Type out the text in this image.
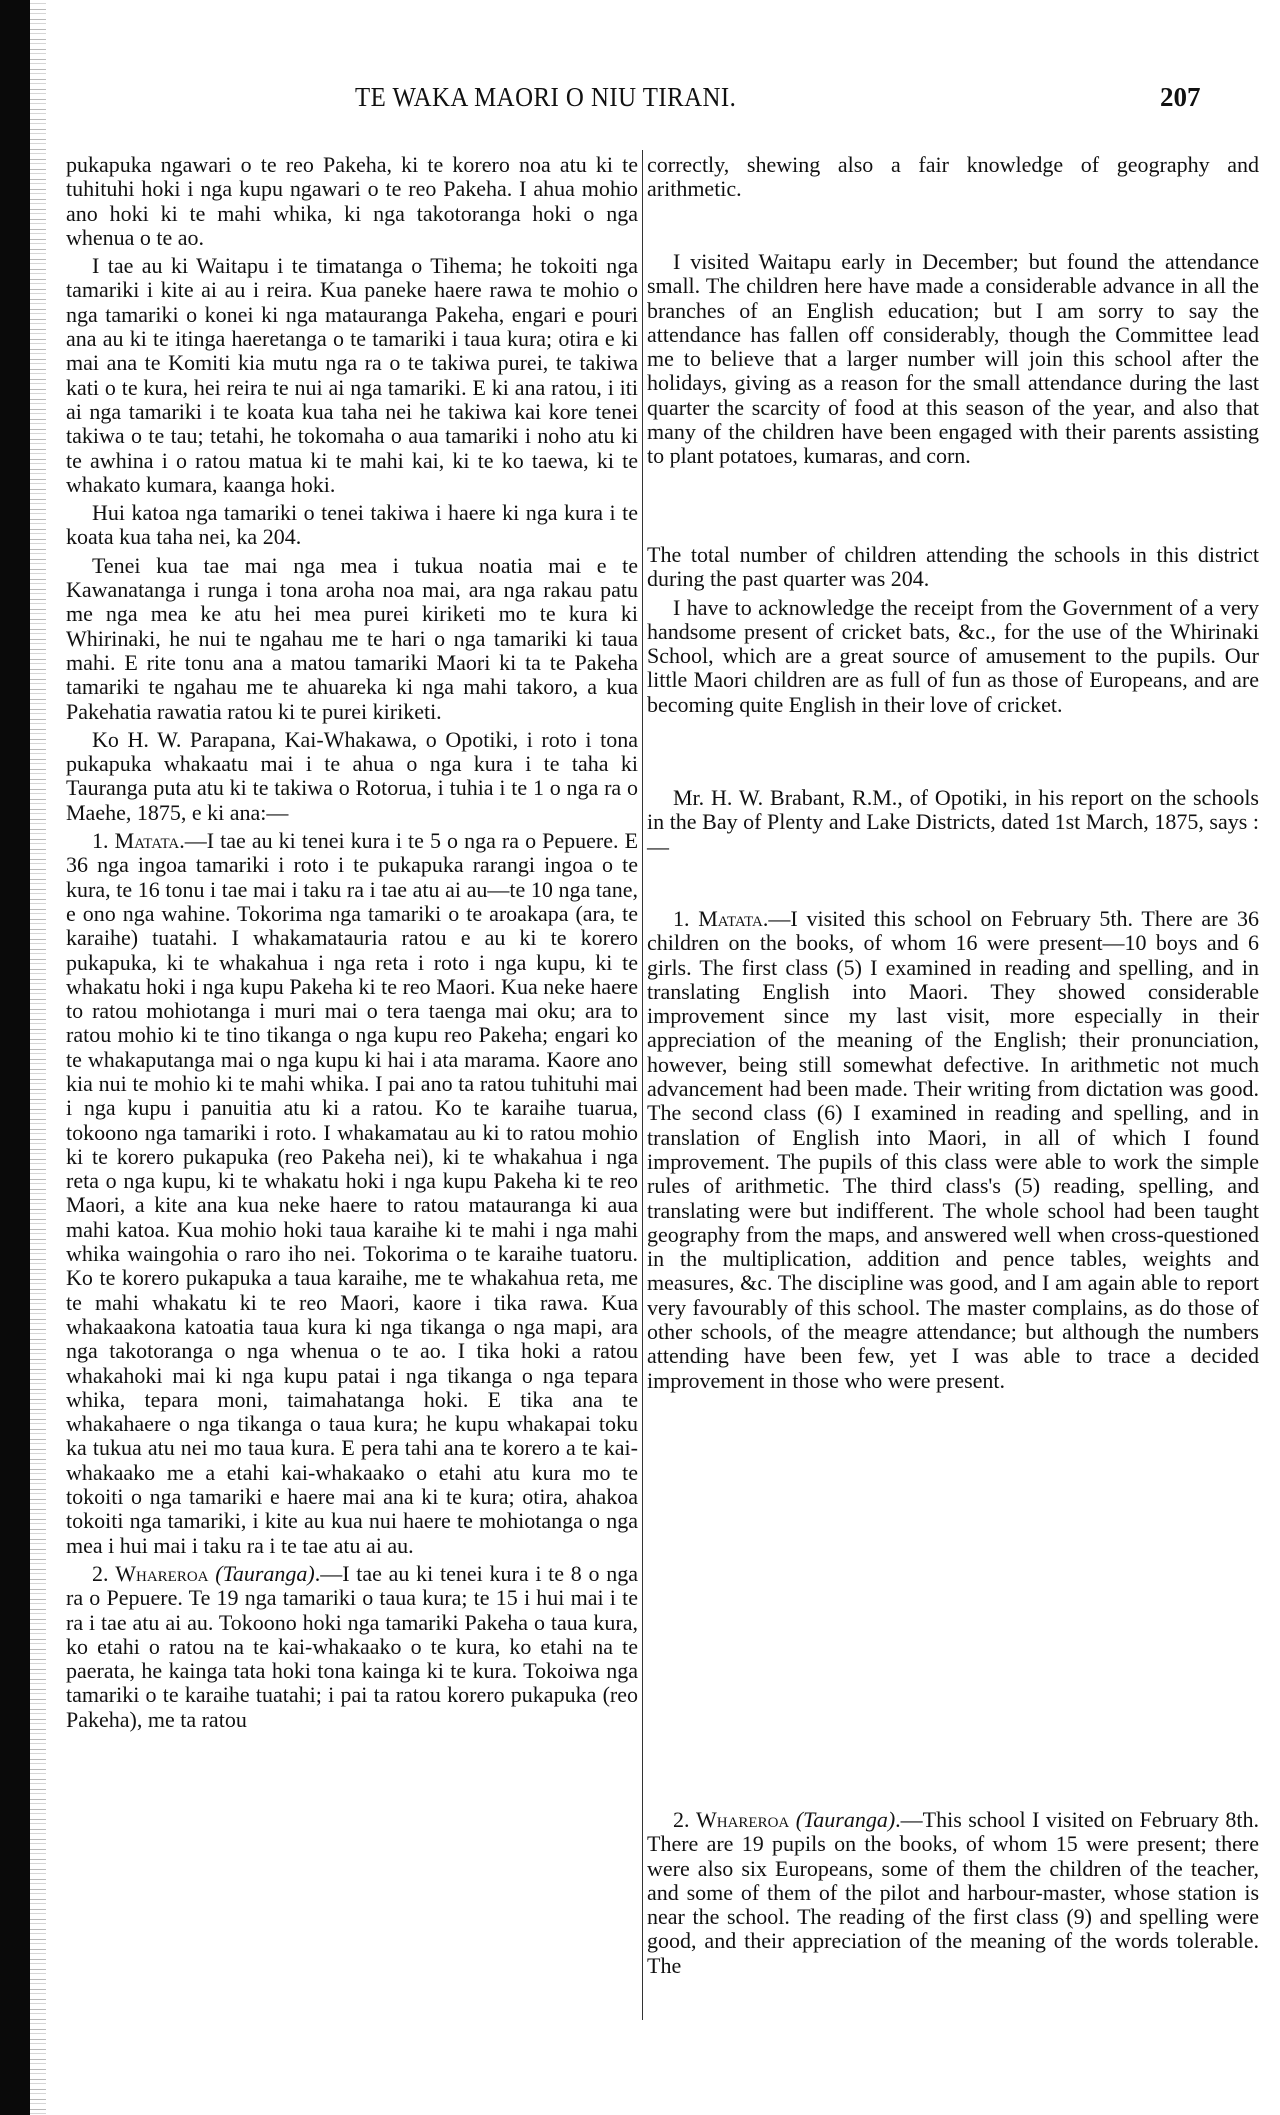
TE WAKA MAORI O NIU TIRANI.	207

pukapuka ngawari o te reo Pakeha, ki te korero noa atu ki te tuhituhi hoki i nga kupu ngawari o te reo Pakeha. I ahua mohio ano hoki ki te mahi whika, ki nga takotoranga hoki o nga whenua o te ao.

I tae au ki Waitapu i te timatanga o Tihema; he tokoiti nga tamariki i kite ai au i reira. Kua paneke haere rawa te mohio o nga tamariki o konei ki nga matauranga Pakeha, engari e pouri ana au ki te itinga haeretanga o te tamariki i taua kura; otira e ki mai ana te Komiti kia mutu nga ra o te takiwa purei, te takiwa kati o te kura, hei reira te nui ai nga tamariki. E ki ana ratou, i iti ai nga tamariki i te koata kua taha nei he takiwa kai kore tenei takiwa o te tau; tetahi, he tokomaha o aua tamariki i noho atu ki te awhina i o ratou matua ki te mahi kai, ki te ko taewa, ki te whakato kumara, kaanga hoki.

Hui katoa nga tamariki o tenei takiwa i haere ki nga kura i te koata kua taha nei, ka 204.

Tenei kua tae mai nga mea i tukua noatia mai e te Kawanatanga i runga i tona aroha noa mai, ara nga rakau patu me nga mea ke atu hei mea purei kiriketi mo te kura ki Whirinaki, he nui te ngahau me te hari o nga tamariki ki taua mahi. E rite tonu ana a matou tamariki Maori ki ta te Pakeha tamariki te ngahau me te ahuareka ki nga mahi takoro, a kua Pakehatia rawatia ratou ki te purei kiriketi.

Ko H. W. Parapana, Kai-Whakawa, o Opotiki, i roto i tona pukapuka whakaatu mai i te ahua o nga kura i te taha ki Tauranga puta atu ki te takiwa o Rotorua, i tuhia i te 1 o nga ra o Maehe, 1875, e ki ana:—

1. Matata.—I tae au ki tenei kura i te 5 o nga ra o Pepuere. E 36 nga ingoa tamariki i roto i te pukapuka rarangi ingoa o te kura, te 16 tonu i tae mai i taku ra i tae atu ai au—te 10 nga tane, e ono nga wahine. Tokorima nga tamariki o te aroakapa (ara, te karaihe) tuatahi. I whakamatauria ratou e au ki te korero pukapuka, ki te whakahua i nga reta i roto i nga kupu, ki te whakatu hoki i nga kupu Pakeha ki te reo Maori. Kua neke haere to ratou mohiotanga i muri mai o tera taenga mai oku; ara to ratou mohio ki te tino tikanga o nga kupu reo Pakeha; engari ko te whakaputanga mai o nga kupu ki hai i ata marama. Kaore ano kia nui te mohio ki te mahi whika. I pai ano ta ratou tuhituhi mai i nga kupu i panuitia atu ki a ratou. Ko te karaihe tuarua, tokoono nga tamariki i roto. I whakamatau au ki to ratou mohio ki te korero pukapuka (reo Pakeha nei), ki te whakahua i nga reta o nga kupu, ki te whakatu hoki i nga kupu Pakeha ki te reo Maori, a kite ana kua neke haere to ratou matauranga ki aua mahi katoa. Kua mohio hoki taua karaihe ki te mahi i nga mahi whika waingohia o raro iho nei. Tokorima o te karaihe tuatoru. Ko te korero pukapuka a taua karaihe, me te whakahua reta, me te mahi whakatu ki te reo Maori, kaore i tika rawa. Kua whakaakona katoatia taua kura ki nga tikanga o nga mapi, ara nga takotoranga o nga whenua o te ao. I tika hoki a ratou whakahoki mai ki nga kupu patai i nga tikanga o nga tepara whika, tepara moni, taimahatanga hoki. E tika ana te whakahaere o nga tikanga o taua kura; he kupu whakapai toku ka tukua atu nei mo taua kura. E pera tahi ana te korero a te kai-whakaako me a etahi kai-whakaako o etahi atu kura mo te tokoiti o nga tamariki e haere mai ana ki te kura; otira, ahakoa tokoiti nga tamariki, i kite au kua nui haere te mohiotanga o nga mea i hui mai i taku ra i te tae atu ai au.

2. Whareroa (Tauranga).—I tae au ki tenei kura i te 8 o nga ra o Pepuere. Te 19 nga tamariki o taua kura; te 15 i hui mai i te ra i tae atu ai au. Tokoono hoki nga tamariki Pakeha o taua kura, ko etahi o ratou na te kai-whakaako o te kura, ko etahi na te paerata, he kainga tata hoki tona kainga ki te kura. Tokoiwa nga tamariki o te karaihe tuatahi; i pai ta ratou korero pukapuka (reo Pakeha), me ta ratou

correctly, shewing also a fair knowledge of geography and arithmetic.

I visited Waitapu early in December; but found the attendance small. The children here have made a considerable advance in all the branches of an English education; but I am sorry to say the attendance has fallen off considerably, though the Committee lead me to believe that a larger number will join this school after the holidays, giving as a reason for the small attendance during the last quarter the scarcity of food at this season of the year, and also that many of the children have been engaged with their parents assisting to plant potatoes, kumaras, and corn.

The total number of children attending the schools in this district during the past quarter was 204.

I have to acknowledge the receipt from the Government of a very handsome present of cricket bats, &c., for the use of the Whirinaki School, which are a great source of amusement to the pupils. Our little Maori children are as full of fun as those of Europeans, and are becoming quite English in their love of cricket.

Mr. H. W. Brabant, R.M., of Opotiki, in his report on the schools in the Bay of Plenty and Lake Districts, dated 1st March, 1875, says :—

1. Matata.—I visited this school on February 5th. There are 36 children on the books, of whom 16 were present—10 boys and 6 girls. The first class (5) I examined in reading and spelling, and in translating English into Maori. They showed considerable improvement since my last visit, more especially in their appreciation of the meaning of the English; their pronunciation, however, being still somewhat defective. In arithmetic not much advancement had been made. Their writing from dictation was good. The second class (6) I examined in reading and spelling, and in translation of English into Maori, in all of which I found improvement. The pupils of this class were able to work the simple rules of arithmetic. The third class's (5) reading, spelling, and translating were but indifferent. The whole school had been taught geography from the maps, and answered well when cross-questioned in the multiplication, addition and pence tables, weights and measures, &c. The discipline was good, and I am again able to report very favourably of this school. The master complains, as do those of other schools, of the meagre attendance; but although the numbers attending have been few, yet I was able to trace a decided improvement in those who were present.

2. Whareroa (Tauranga).—This school I visited on February 8th. There are 19 pupils on the books, of whom 15 were present; there were also six Europeans, some of them the children of the teacher, and some of them of the pilot and harbour-master, whose station is near the school. The reading of the first class (9) and spelling were good, and their appreciation of the meaning of the words tolerable. The
